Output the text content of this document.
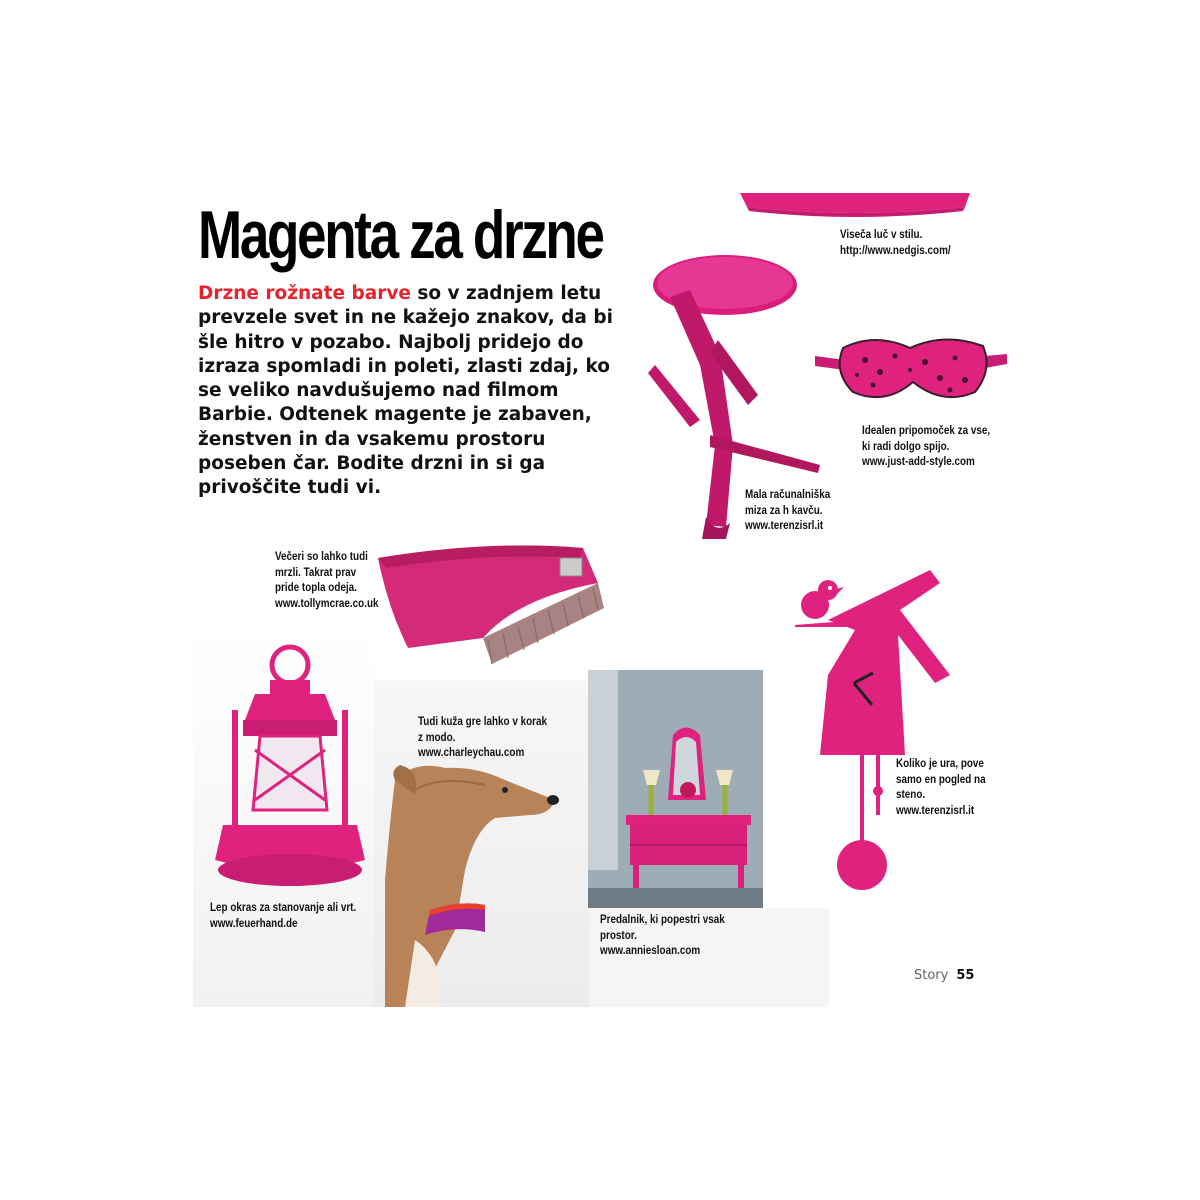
Magenta za drzne
Drzne rožnate barve so v zadnjem letu prevzele svet in ne kažejo znakov, da bi šle hitro v pozabo. Najbolj pridejo do izraza spomladi in poleti, zlasti zdaj, ko se veliko navdušujemo nad filmom Barbie. Odtenek magente je zabaven, ženstven in da vsakemu prostoru poseben čar. Bodite drzni in si ga privoščite tudi vi.	Mala računalniška
miza za h kavču.
www.terenzisrl.it
Viseča luč v stilu.
http://www.nedgis.com/
Idealen pripomoček za vse,
ki radi dolgo spijo.
www.just-add-style.com
Večeri so lahko tudi
mrzli. Takrat prav
pride topla odeja.
www.tollymcrae.co.uk
Koliko je ura, pove
samo en pogled na
steno.
www.terenzisrl.it
Lep okras za stanovanje ali vrt.
www.feuerhand.de
Tudi kuža gre lahko v korak
z modo.
www.charleychau.com
Predalnik, ki popestri vsak
prostor.
www.anniesloan.com
Story 55
